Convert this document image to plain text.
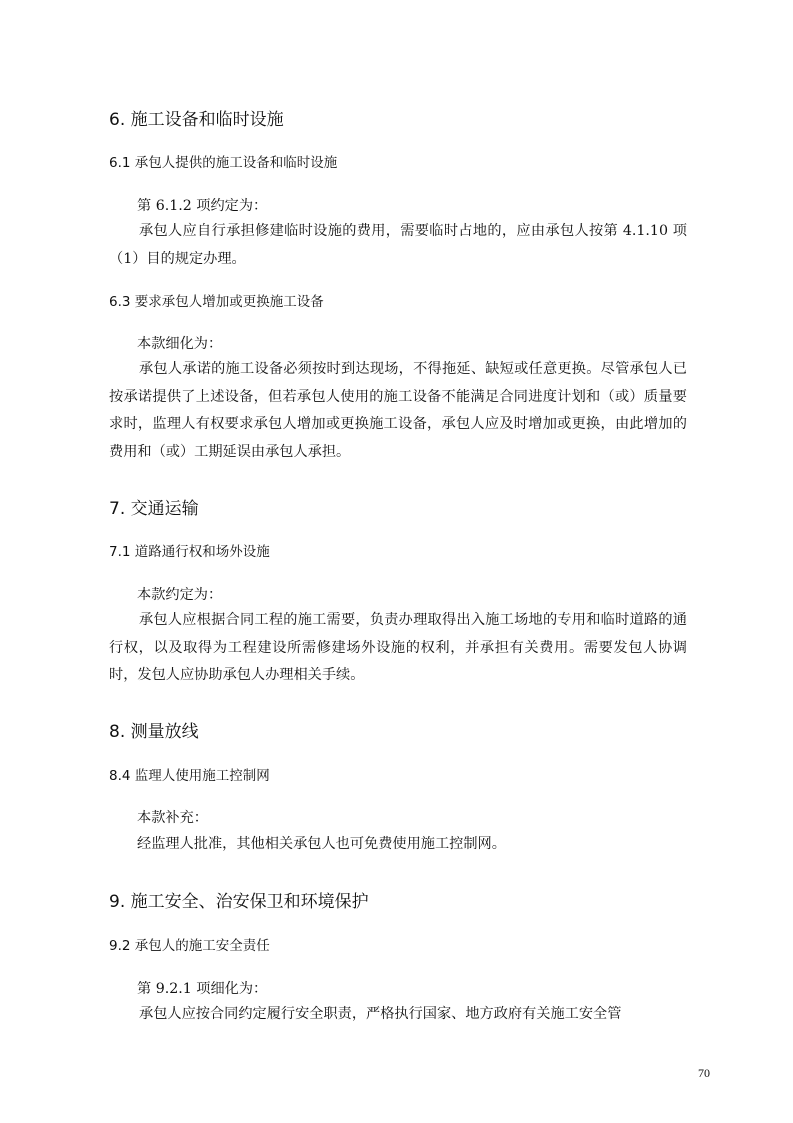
6. 施工设备和临时设施
6.1 承包人提供的施工设备和临时设施
第 6.1.2 项约定为：

承包人应自行承担修建临时设施的费用，需要临时占地的，应由承包人按第 4.1.10 项（1）目的规定办理。

6.3 要求承包人增加或更换施工设备
本款细化为：

承包人承诺的施工设备必须按时到达现场，不得拖延、缺短或任意更换。尽管承包人已按承诺提供了上述设备，但若承包人使用的施工设备不能满足合同进度计划和（或）质量要求时，监理人有权要求承包人增加或更换施工设备，承包人应及时增加或更换，由此增加的费用和（或）工期延误由承包人承担。

7. 交通运输
7.1 道路通行权和场外设施
本款约定为：

承包人应根据合同工程的施工需要，负责办理取得出入施工场地的专用和临时道路的通行权，以及取得为工程建设所需修建场外设施的权利，并承担有关费用。需要发包人协调时，发包人应协助承包人办理相关手续。

8. 测量放线
8.4 监理人使用施工控制网
本款补充：

经监理人批准，其他相关承包人也可免费使用施工控制网。

9. 施工安全、治安保卫和环境保护
9.2 承包人的施工安全责任
第 9.2.1 项细化为：

承包人应按合同约定履行安全职责，严格执行国家、地方政府有关施工安全管

70
